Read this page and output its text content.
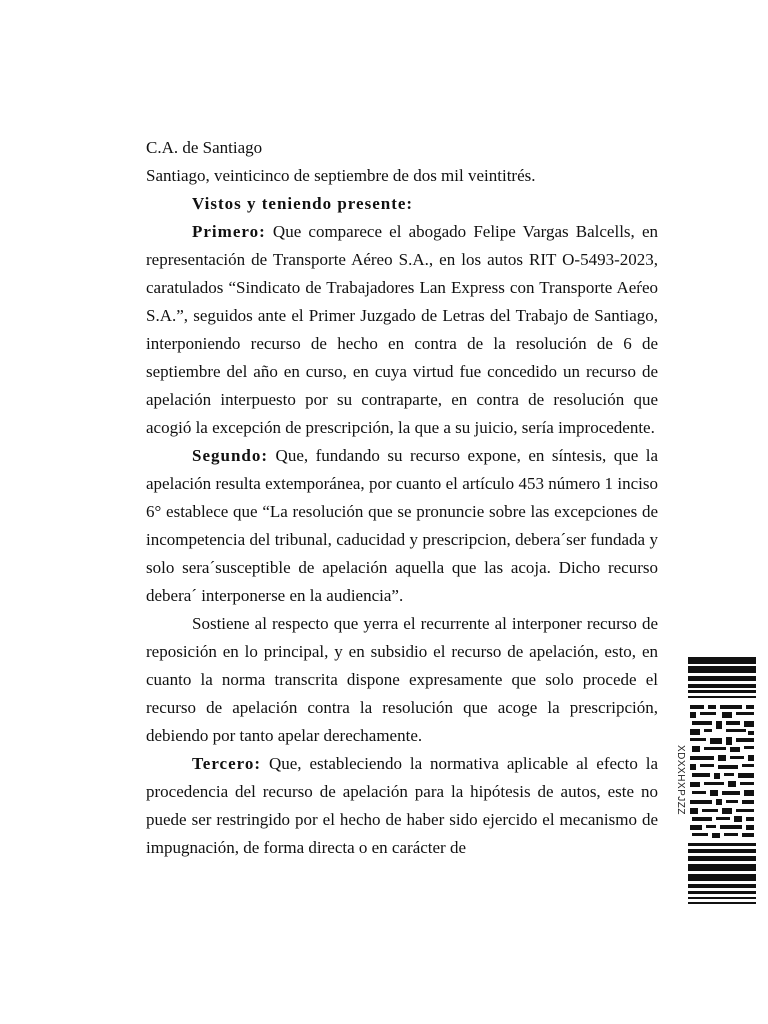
C.A. de Santiago

Santiago, veinticinco de septiembre de dos mil veintitrés.

Vistos y teniendo presente:

Primero: Que comparece el abogado Felipe Vargas Balcells, en representación de Transporte Aéreo S.A., en los autos RIT O-5493-2023, caratulados “Sindicato de Trabajadores Lan Express con Transporte Aeŕeo S.A.”, seguidos ante el Primer Juzgado de Letras del Trabajo de Santiago, interponiendo recurso de hecho en contra de la resolución de 6 de septiembre del año en curso, en cuya virtud fue concedido un recurso de apelación interpuesto por su contraparte, en contra de resolución que acogió la excepción de prescripción, la que a su juicio, sería improcedente.

Segundo: Que, fundando su recurso expone, en síntesis, que la apelación resulta extemporánea, por cuanto el artículo 453 número 1 inciso 6° establece que “La resolución que se pronuncie sobre las excepciones de incompetencia del tribunal, caducidad y prescripcion, debera´ser fundada y solo sera´susceptible de apelación aquella que las acoja. Dicho recurso debera´ interponerse en la audiencia”.

Sostiene al respecto que yerra el recurrente al interponer recurso de reposición en lo principal, y en subsidio el recurso de apelación, esto, en cuanto la norma transcrita dispone expresamente que solo procede el recurso de apelación contra la resolución que acoge la prescripción, debiendo por tanto apelar derechamente.

Tercero: Que, estableciendo la normativa aplicable al efecto la procedencia del recurso de apelación para la hipótesis de autos, este no puede ser restringido por el hecho de haber sido ejercido el mecanismo de impugnación, de forma directa o en carácter de

XDXXHXPJZZ
